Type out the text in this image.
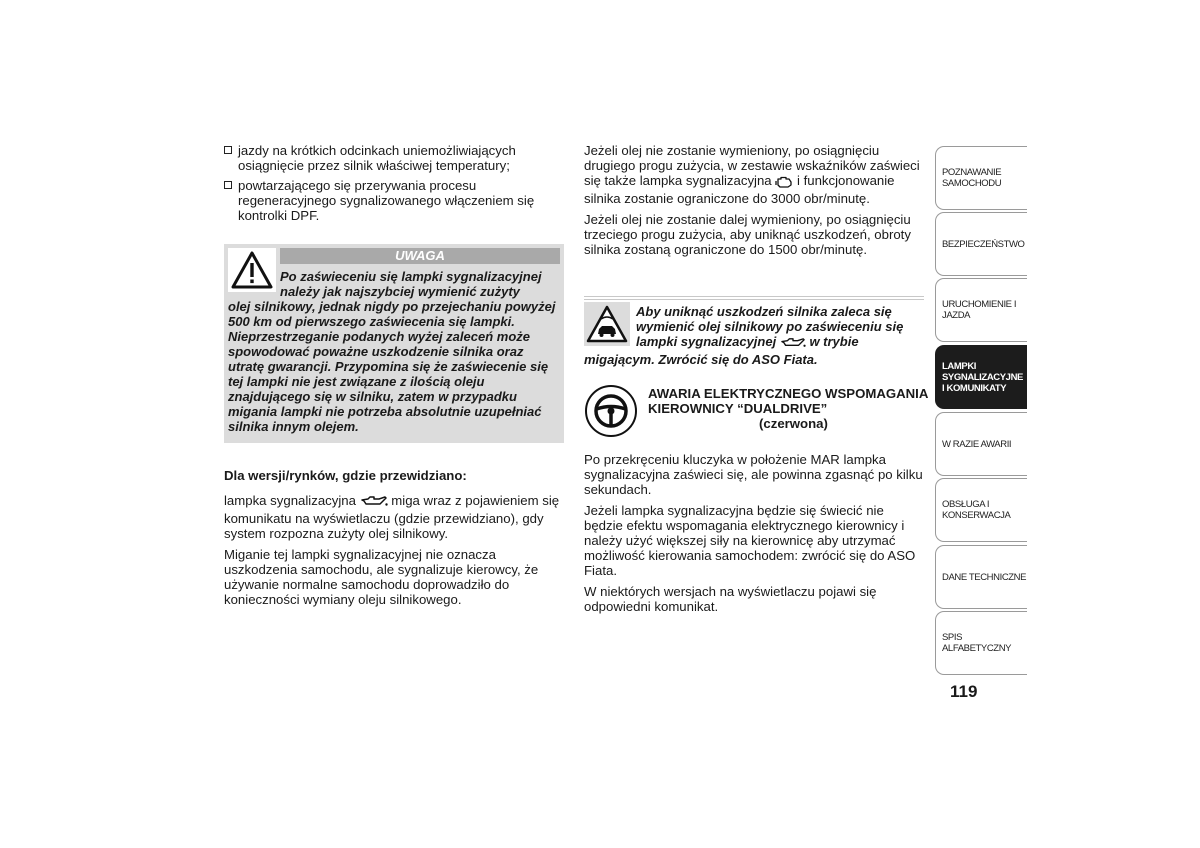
jazdy na krótkich odcinkach uniemożliwiających osiągnięcie przez silnik właściwej temperatury;
powtarzającego się przerywania procesu regeneracyjnego sygnalizowanego włączeniem się kontrolki DPF.
UWAGA
Po zaświeceniu się lampki sygnalizacyjnej należy jak najszybciej wymienić zużyty
olej silnikowy, jednak nigdy po przejechaniu powyżej 500 km od pierwszego zaświecenia się lampki. Nieprzestrzeganie podanych wyżej zaleceń może spowodować poważne uszkodzenie silnika oraz utratę gwarancji. Przypomina się że zaświecenie się tej lampki nie jest związane z ilością oleju znajdującego się w silniku, zatem w przypadku migania lampki nie potrzeba absolutnie uzupełniać silnika innym olejem.

Dla wersji/rynków, gdzie przewidziano:

lampka sygnalizacyjna	miga wraz z pojawieniem się komunikatu na wyświetlaczu (gdzie przewidziano), gdy system rozpozna zużyty olej silnikowy.

Miganie tej lampki sygnalizacyjnej nie oznacza uszkodzenia samochodu, ale sygnalizuje kierowcy, że używanie normalne samochodu doprowadziło do konieczności wymiany oleju silnikowego.

Jeżeli olej nie zostanie wymieniony, po osiągnięciu drugiego progu zużycia, w zestawie wskaźników zaświeci się także lampka sygnalizacyjna i funkcjonowanie silnika zostanie ograniczone do 3000 obr/minutę.

Jeżeli olej nie zostanie dalej wymieniony, po osiągnięciu trzeciego progu zużycia, aby uniknąć uszkodzeń, obroty silnika zostaną ograniczone do 1500 obr/minutę.

Aby uniknąć uszkodzeń silnika zaleca się wymienić olej silnikowy po zaświeceniu się lampki sygnalizacyjnej	w trybie
migającym. Zwrócić się do ASO Fiata.
AWARIA ELEKTRYCZNEGO WSPOMAGANIA KIEROWNICY “DUALDRIVE”
(czerwona)

Po przekręceniu kluczyka w położenie MAR lampka sygnalizacyjna zaświeci się, ale powinna zgasnąć po kilku sekundach.

Jeżeli lampka sygnalizacyjna będzie się świecić nie będzie efektu wspomagania elektrycznego kierownicy i należy użyć większej siły na kierownicę aby utrzymać możliwość kierowania samochodem: zwrócić się do ASO Fiata.

W niektórych wersjach na wyświetlaczu pojawi się odpowiedni komunikat.

POZNAWANIE SAMOCHODU
BEZPIECZEŃSTWO
URUCHOMIENIE I JAZDA
LAMPKI SYGNALIZACYJNE I KOMUNIKATY
W RAZIE AWARII
OBSŁUGA I KONSERWACJA
DANE TECHNICZNE
SPIS ALFABETYCZNY
119
